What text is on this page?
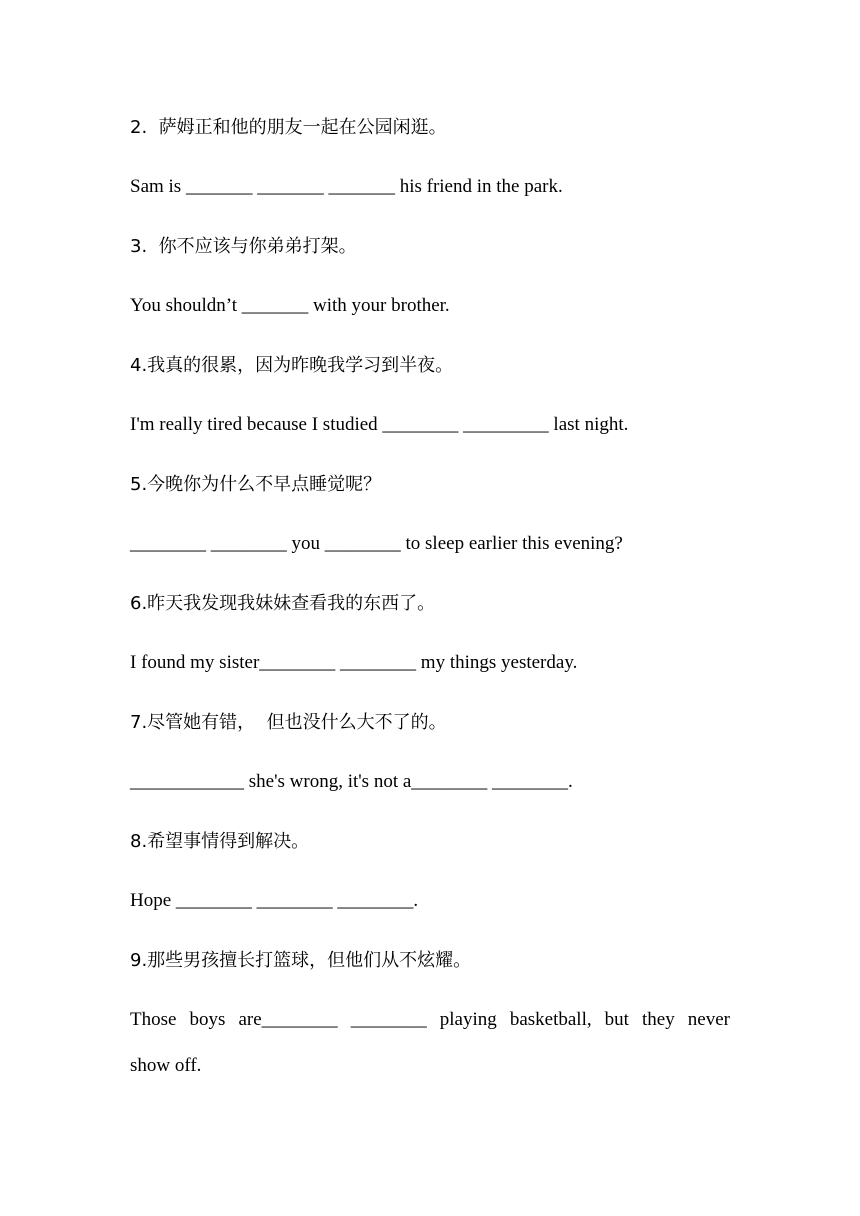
2.  萨姆正和他的朋友一起在公园闲逛。
Sam is _______ _______ _______ his friend in the park.
3.  你不应该与你弟弟打架。
You shouldn’t _______ with your brother.
4.我真的很累，因为昨晚我学习到半夜。
I'm really tired because I studied ________ _________ last night.
5.今晚你为什么不早点睡觉呢？
________ ________ you ________ to sleep earlier this evening?
6.昨天我发现我妹妹查看我的东西了。
I found my sister________ ________ my things yesterday.
7.尽管她有错，  但也没什么大不了的。
____________ she's wrong, it's not a________ ________.
8.希望事情得到解决。
Hope ________ ________ ________.
9.那些男孩擅长打篮球，但他们从不炫耀。
Those boys are________ ________ playing basketball, but they never
show off.
